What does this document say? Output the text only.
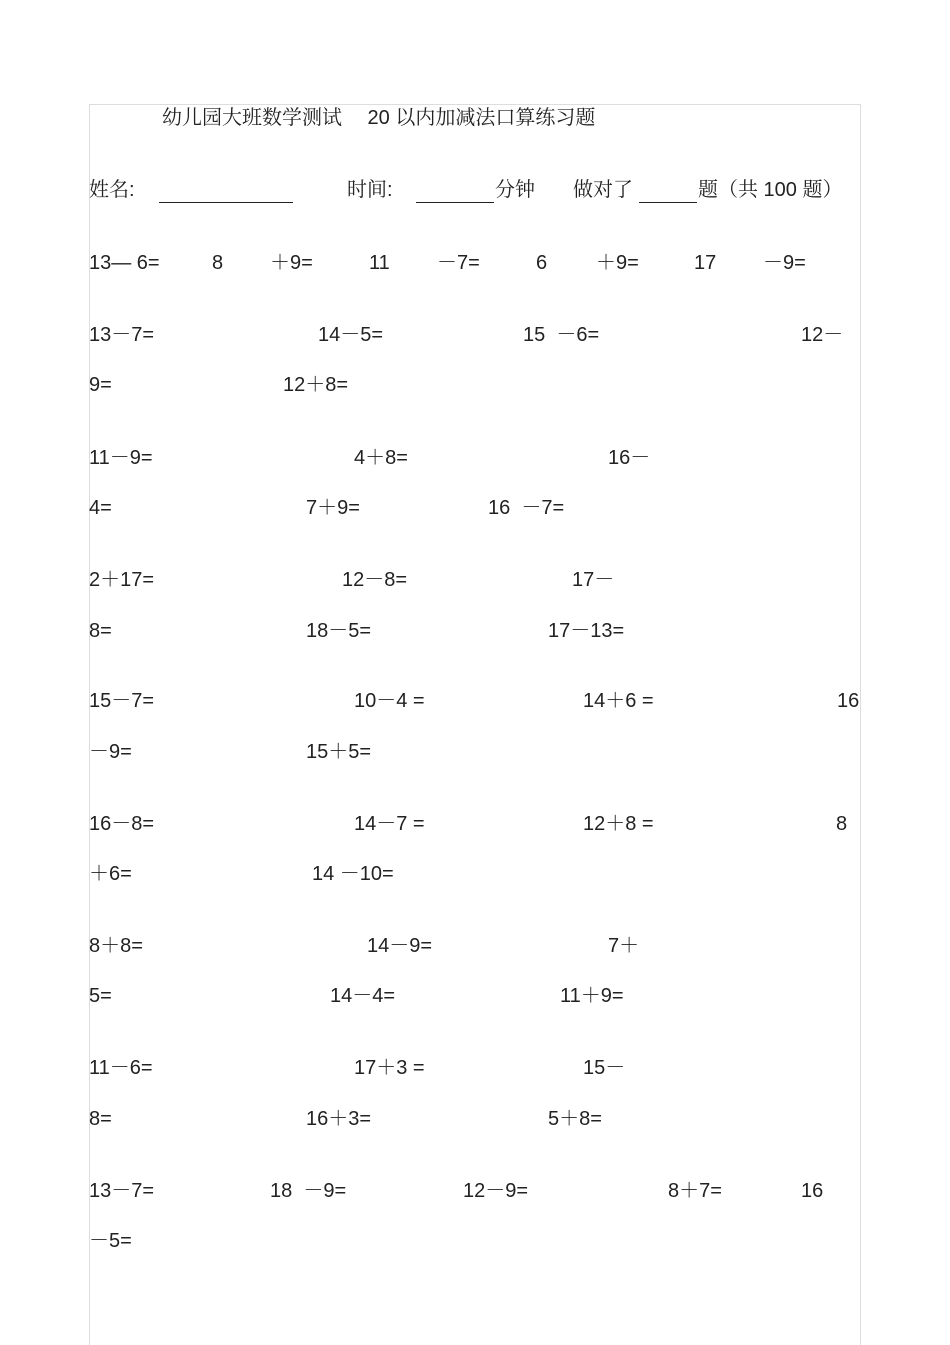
幼儿园大班数学测试　 20 以内加减法口算练习题
姓名:	时间:	分钟 做对了	题（共 100 题）
13— 6=	8 ＋9=	11 －7=	6 ＋9=	17 －9=
13－7=	14－5=	15  －6=	12－
9=	12＋8=
11－9=	4＋8=	16－
4=	7＋9=	16  －7=
2＋17=	12－8=	17－
8=	18－5=	17－13=
15－7=	10－4 =	14＋6 =	16
－9=	15＋5=
16－8=	14－7 =	12＋8 =	8
＋6=	14 －10=
8＋8=	14－9=	7＋
5=	14－4=	11＋9=
11－6=	17＋3 =	15－
8=	16＋3=	5＋8=
13－7=	18  －9=	12－9=	8＋7=	16
－5=
